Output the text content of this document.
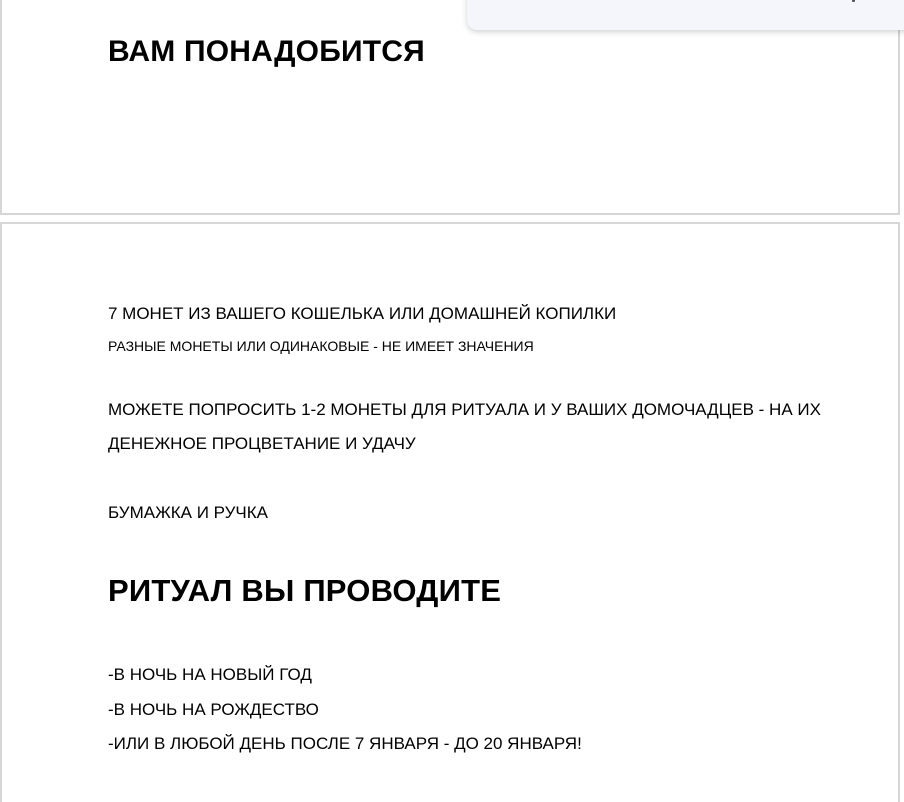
ВАМ ПОНАДОБИТСЯ

7 МОНЕТ ИЗ ВАШЕГО КОШЕЛЬКА ИЛИ ДОМАШНЕЙ КОПИЛКИ

РАЗНЫЕ МОНЕТЫ ИЛИ ОДИНАКОВЫЕ - НЕ ИМЕЕТ ЗНАЧЕНИЯ

МОЖЕТЕ ПОПРОСИТЬ 1-2 МОНЕТЫ ДЛЯ РИТУАЛА И У ВАШИХ ДОМОЧАДЦЕВ - НА ИХ ДЕНЕЖНОЕ ПРОЦВЕТАНИЕ И УДАЧУ

БУМАЖКА И РУЧКА

РИТУАЛ ВЫ ПРОВОДИТЕ
-В НОЧЬ НА НОВЫЙ ГОД
-В НОЧЬ НА РОЖДЕСТВО
-ИЛИ В ЛЮБОЙ ДЕНЬ ПОСЛЕ 7 ЯНВАРЯ - ДО 20 ЯНВАРЯ!
